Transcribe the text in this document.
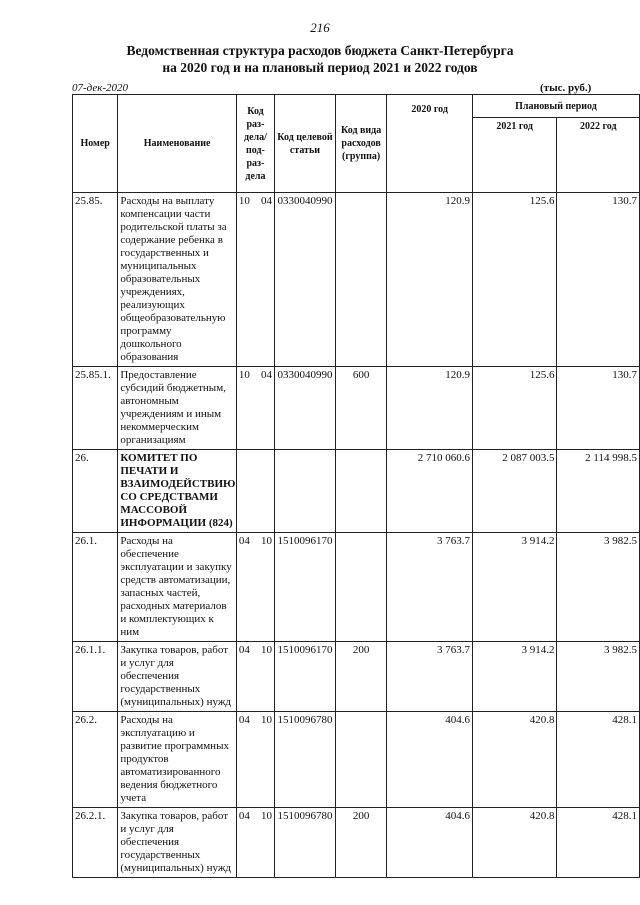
216
Ведомственная структура расходов бюджета Санкт-Петербурга
на 2020 год и на плановый период 2021 и 2022 годов
07-дек-2020	(тыс. руб.)
Номер	Наименование	Код раз-дела/ под-раз-дела	Код целевой статьи	Код вида расходов (группа)	2020 год	Плановый период	
						2021 год	2022 год
25.85.	Расходы на выплату компенсации части родительской платы за содержание ребенка в государственных и муниципальных образовательных учреждениях, реализующих общеобразовательную программу дошкольного образования	10 04	0330040990		120.9	125.6	130.7
25.85.1.	Предоставление субсидий бюджетным, автономным учреждениям и иным некоммерческим организациям	10 04	0330040990	600	120.9	125.6	130.7
26.	КОМИТЕТ ПО ПЕЧАТИ И ВЗАИМОДЕЙСТВИЮ СО СРЕДСТВАМИ МАССОВОЙ ИНФОРМАЦИИ (824)				2 710 060.6	2 087 003.5	2 114 998.5
26.1.	Расходы на обеспечение эксплуатации и закупку средств автоматизации, запасных частей, расходных материалов и комплектующих к ним	04 10	1510096170		3 763.7	3 914.2	3 982.5
26.1.1.	Закупка товаров, работ и услуг для обеспечения государственных (муниципальных) нужд	04 10	1510096170	200	3 763.7	3 914.2	3 982.5
26.2.	Расходы на эксплуатацию и развитие программных продуктов автоматизированного ведения бюджетного учета	04 10	1510096780		404.6	420.8	428.1
26.2.1.	Закупка товаров, работ и услуг для обеспечения государственных (муниципальных) нужд	04 10	1510096780	200	404.6	420.8	428.1
